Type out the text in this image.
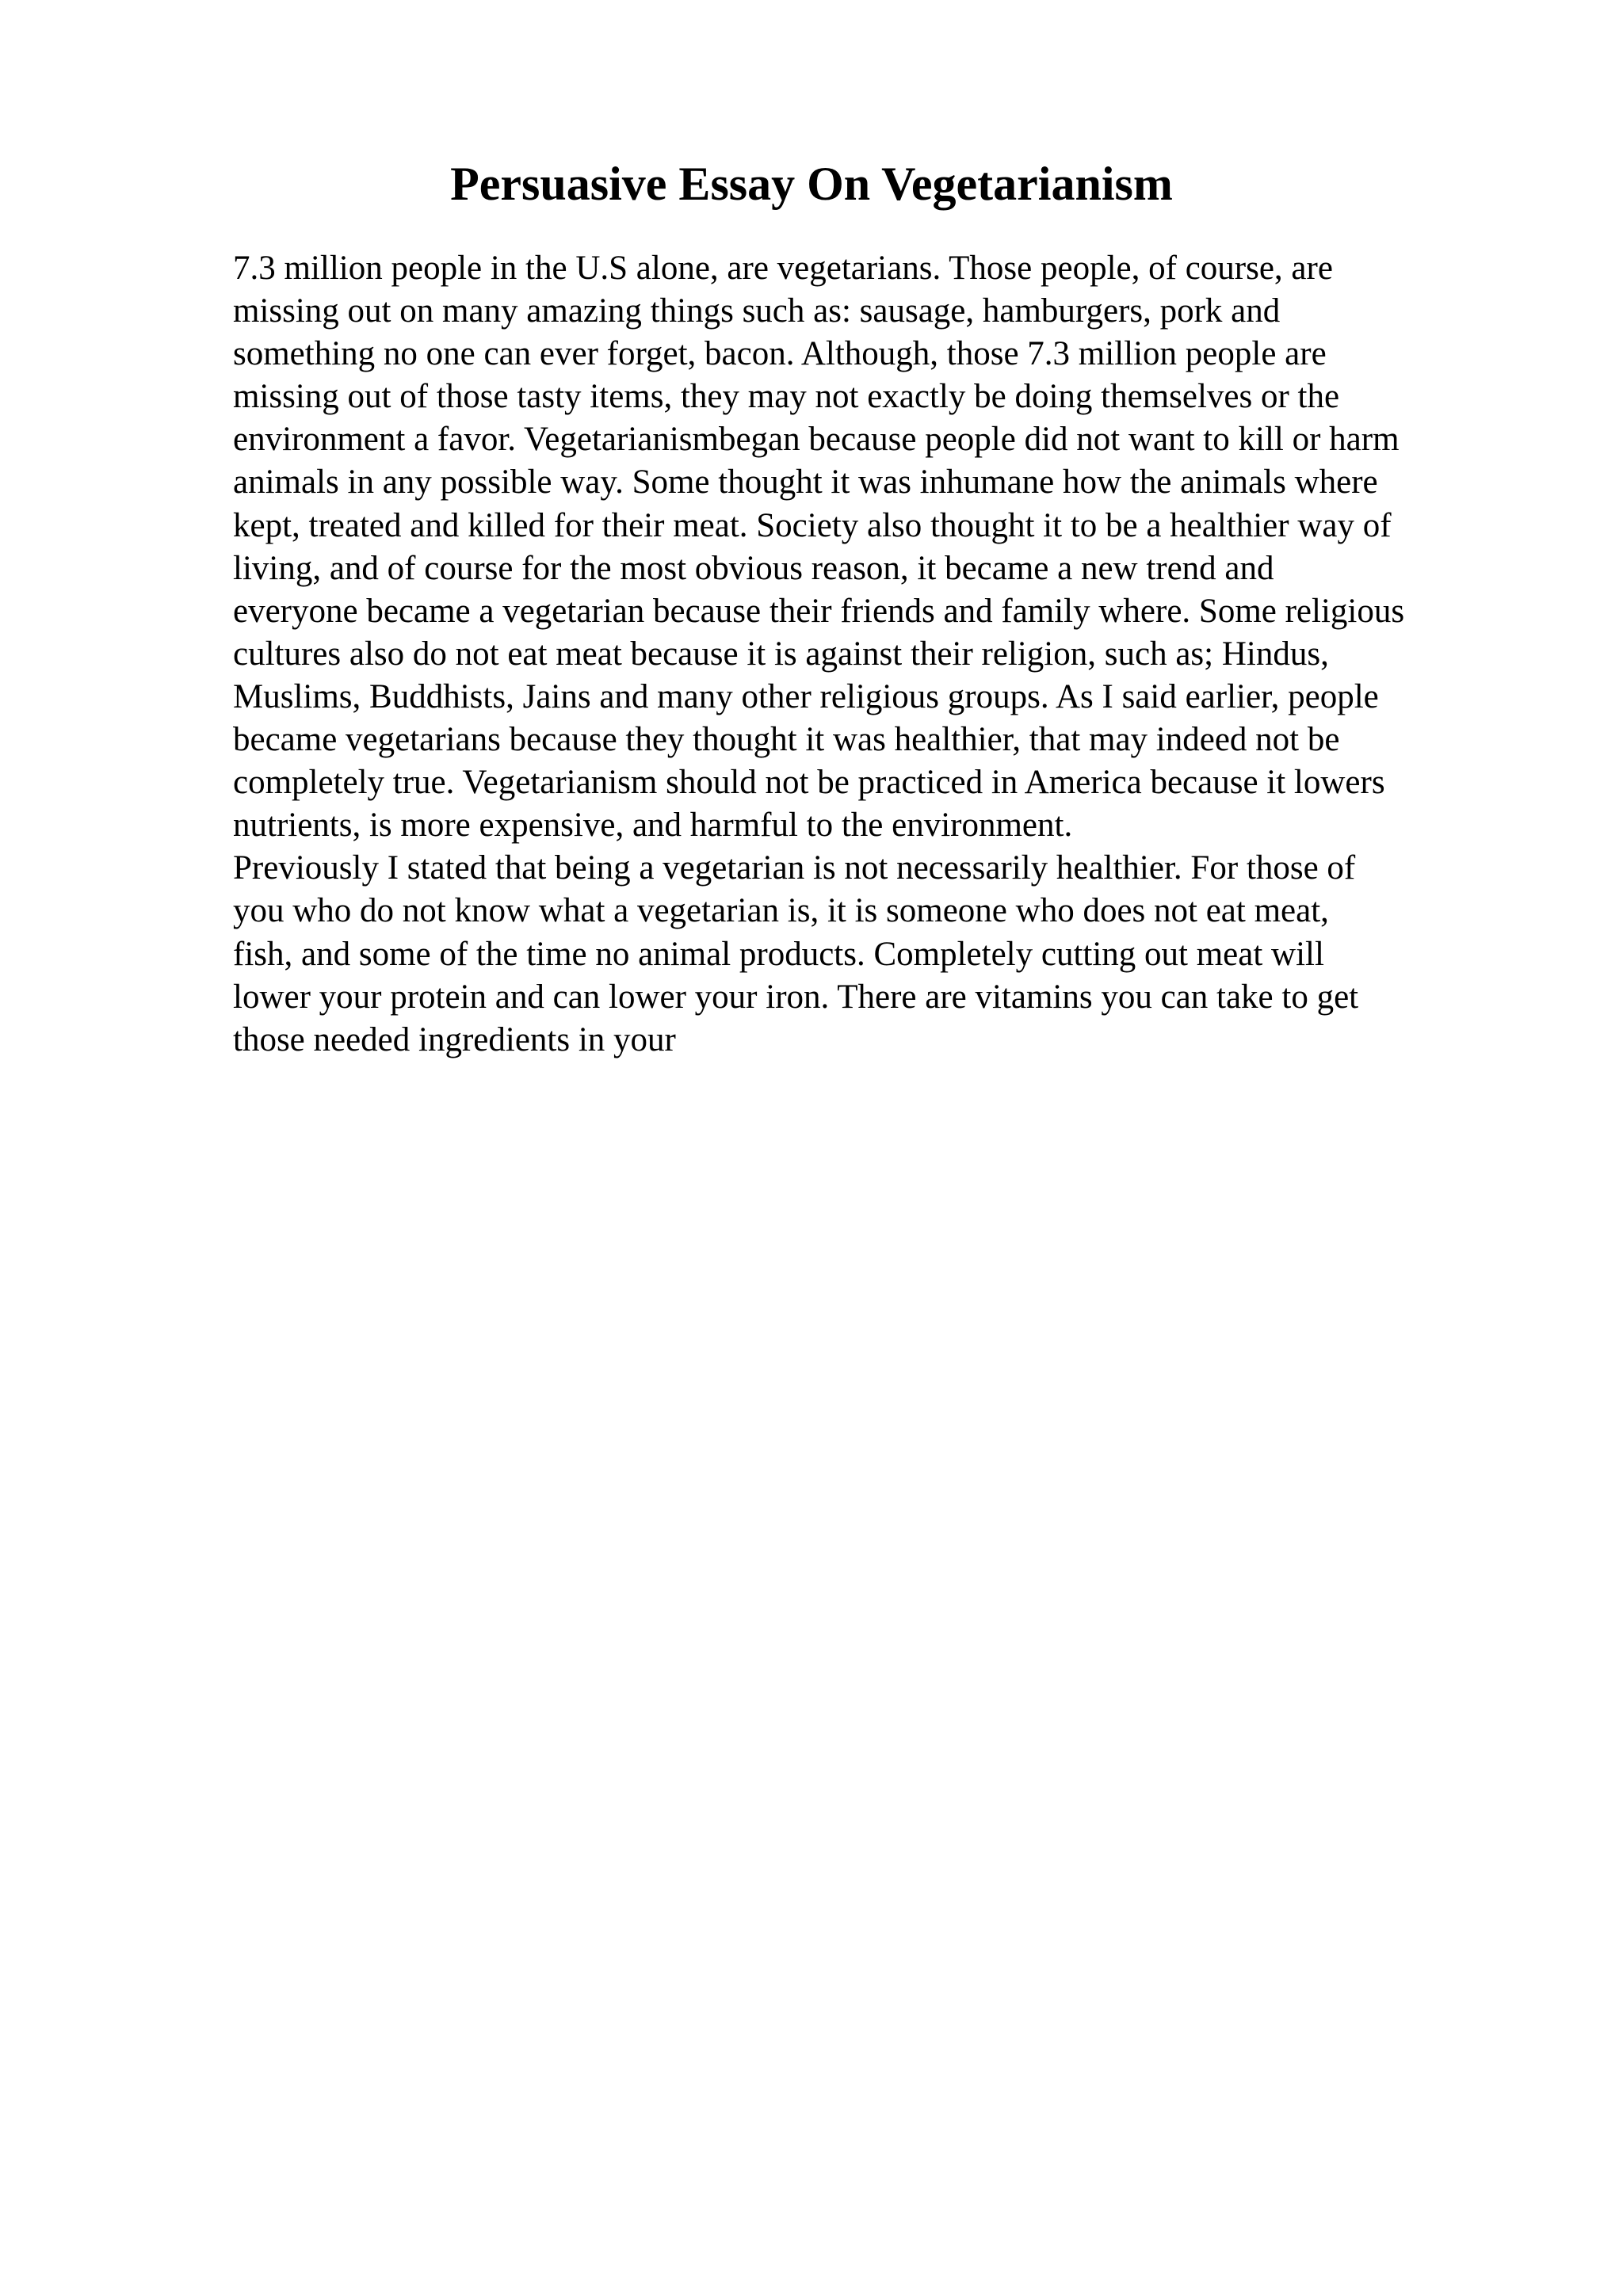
Persuasive Essay On Vegetarianism
7.3 million people in the U.S alone, are vegetarians. Those people, of course, are
missing out on many amazing things such as: sausage, hamburgers, pork and
something no one can ever forget, bacon. Although, those 7.3 million people are
missing out of those tasty items, they may not exactly be doing themselves or the
environment a favor. Vegetarianismbegan because people did not want to kill or harm
animals in any possible way. Some thought it was inhumane how the animals where
kept, treated and killed for their meat. Society also thought it to be a healthier way of
living, and of course for the most obvious reason, it became a new trend and
everyone became a vegetarian because their friends and family where. Some religious
cultures also do not eat meat because it is against their religion, such as; Hindus,
Muslims, Buddhists, Jains and many other religious groups. As I said earlier, people
became vegetarians because they thought it was healthier, that may indeed not be
completely true. Vegetarianism should not be practiced in America because it lowers
nutrients, is more expensive, and harmful to the environment.
Previously I stated that being a vegetarian is not necessarily healthier. For those of
you who do not know what a vegetarian is, it is someone who does not eat meat,
fish, and some of the time no animal products. Completely cutting out meat will
lower your protein and can lower your iron. There are vitamins you can take to get
those needed ingredients in your
